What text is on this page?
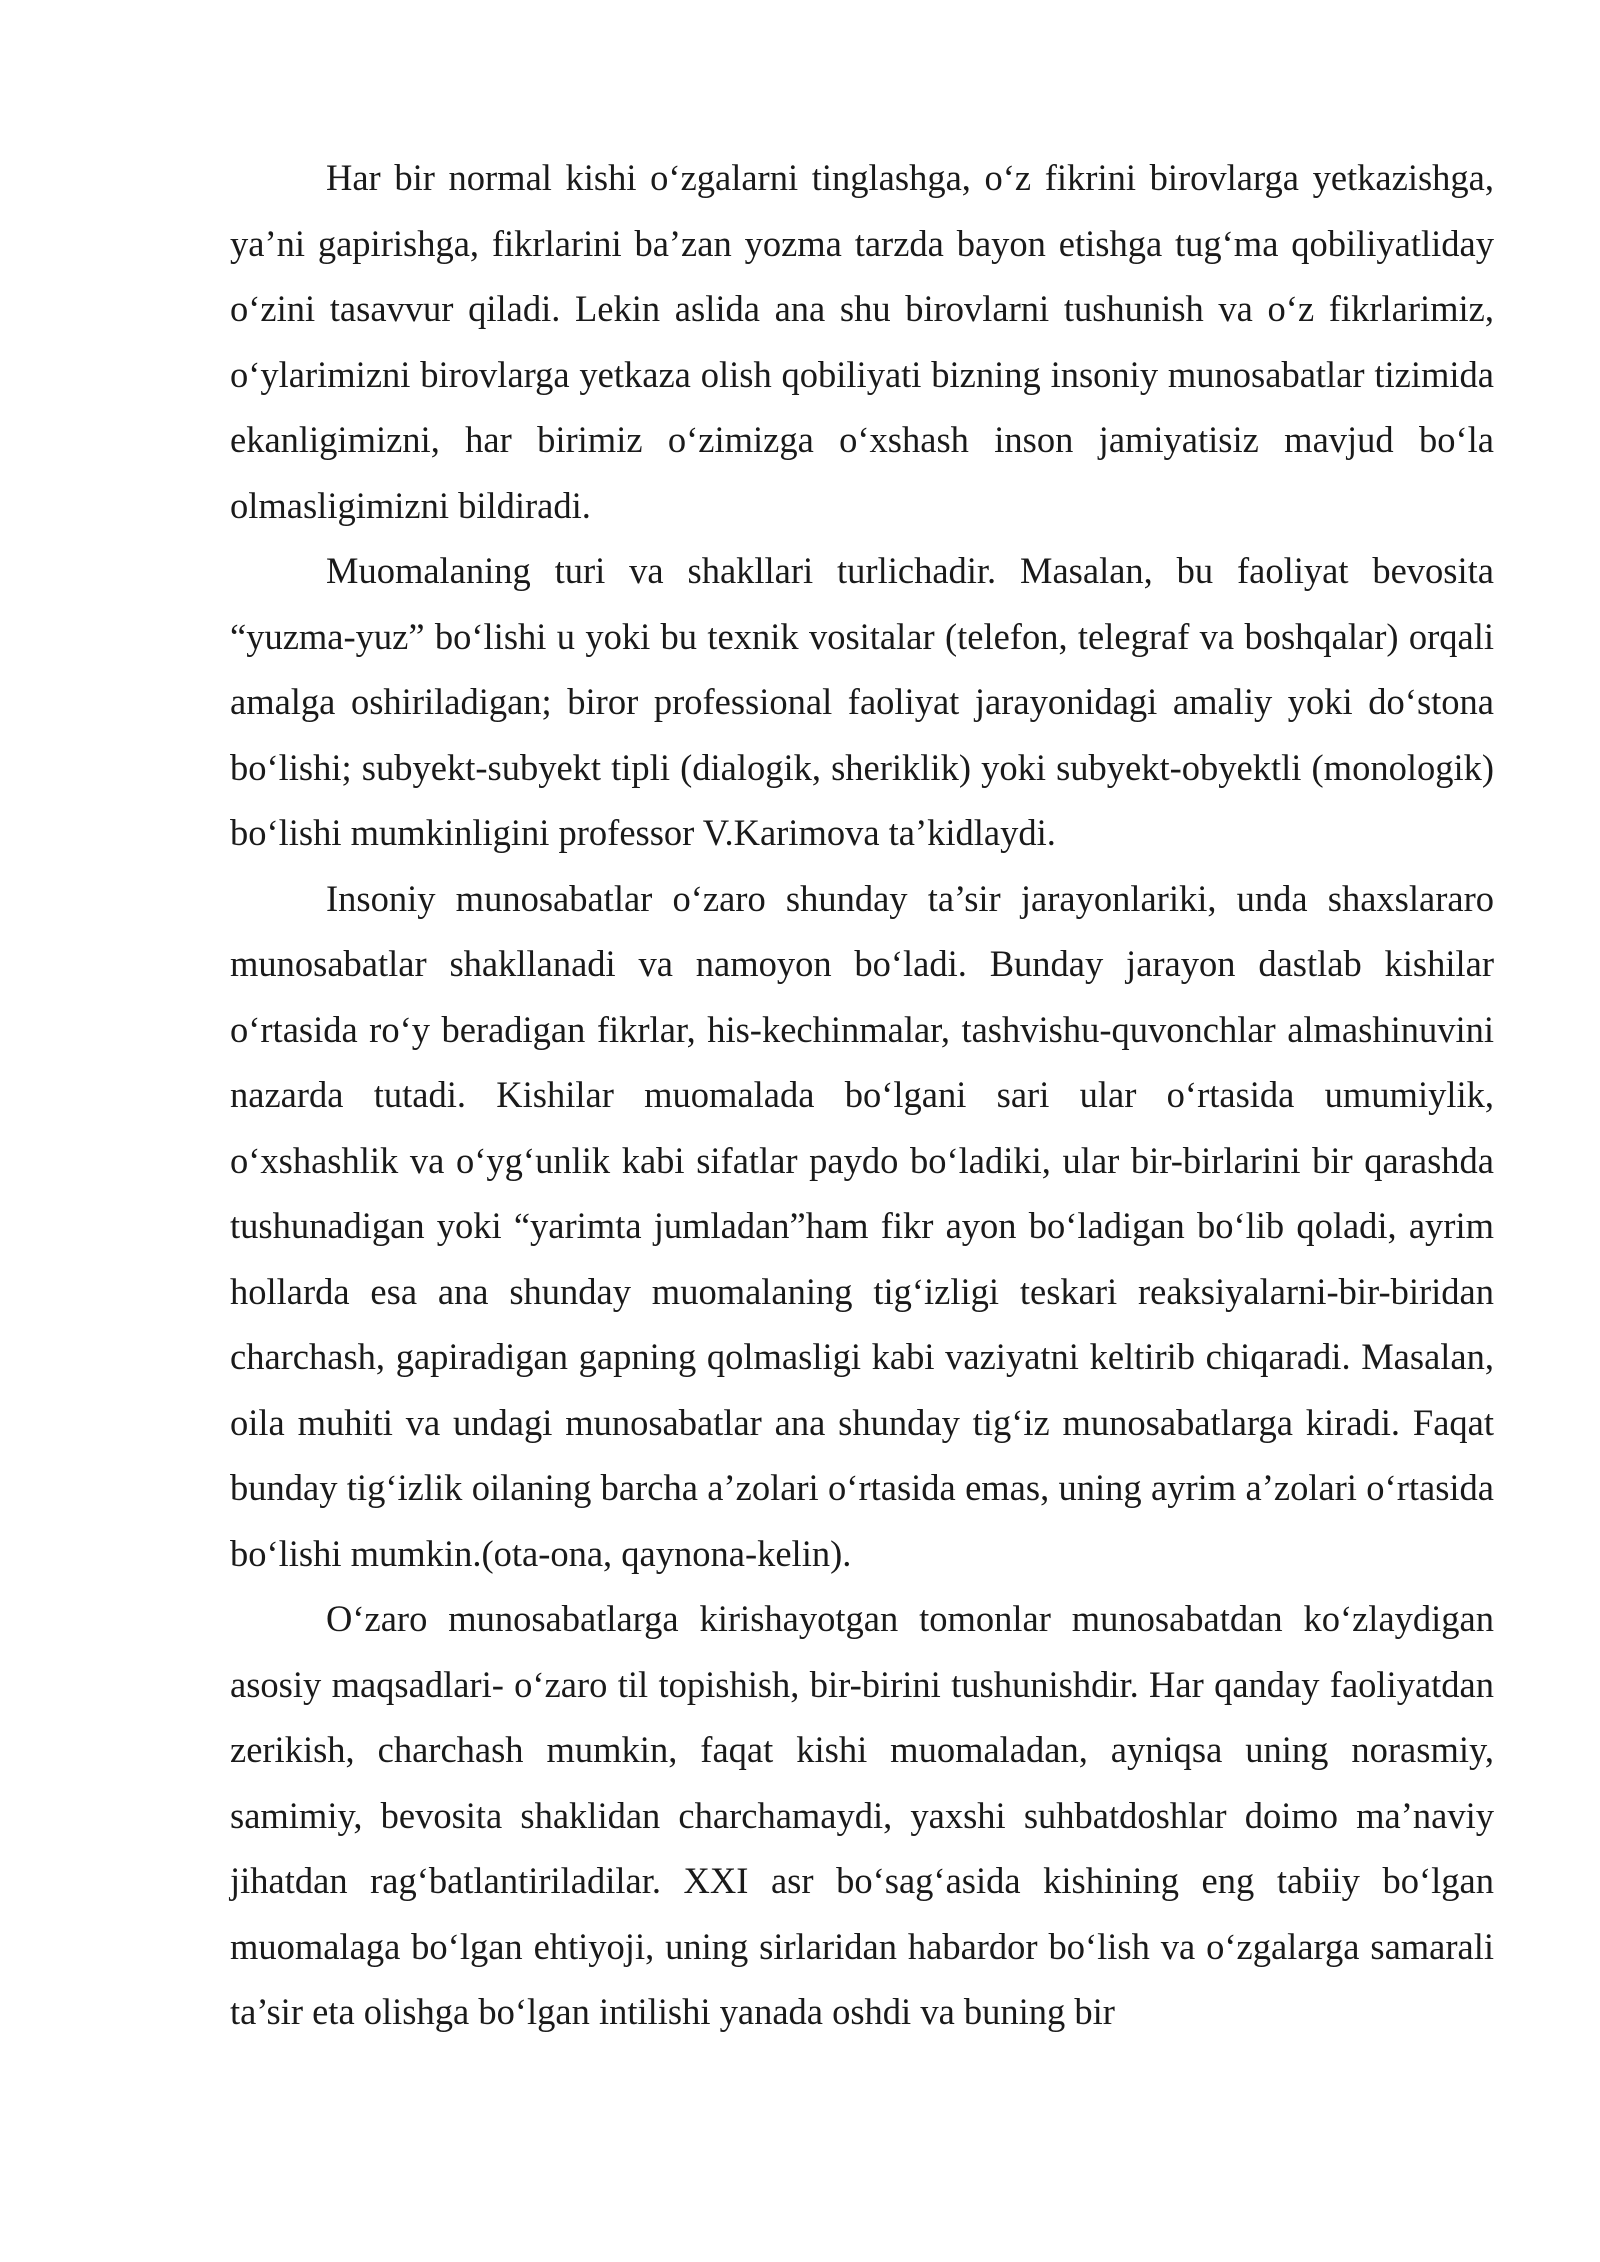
Har bir normal kishi o‘zgalarni tinglashga, o‘z fikrini birovlarga yetkazishga, ya’ni gapirishga, fikrlarini ba’zan yozma tarzda bayon etishga tug‘ma qobiliyatliday o‘zini tasavvur qiladi. Lekin aslida ana shu birovlarni tushunish va o‘z fikrlarimiz, o‘ylarimizni birovlarga yetkaza olish qobiliyati bizning insoniy munosabatlar tizimida ekanligimizni, har birimiz o‘zimizga o‘xshash inson jamiyatisiz mavjud bo‘la olmasligimizni bildiradi.

Muomalaning turi va shakllari turlichadir. Masalan, bu faoliyat bevosita “yuzma-yuz” bo‘lishi u yoki bu texnik vositalar (telefon, telegraf va boshqalar) orqali amalga oshiriladigan; biror professional faoliyat jarayonidagi amaliy yoki do‘stona bo‘lishi; subyekt-subyekt tipli (dialogik, sheriklik) yoki subyekt-obyektli (monologik) bo‘lishi mumkinligini professor V.Karimova ta’kidlaydi.

Insoniy munosabatlar o‘zaro shunday ta’sir jarayonlariki, unda shaxslararo munosabatlar shakllanadi va namoyon bo‘ladi. Bunday jarayon dastlab kishilar o‘rtasida ro‘y beradigan fikrlar, his-kechinmalar, tashvishu-quvonchlar almashinuvini nazarda tutadi. Kishilar muomalada bo‘lgani sari ular o‘rtasida umumiylik, o‘xshashlik va o‘yg‘unlik kabi sifatlar paydo bo‘ladiki, ular bir-birlarini bir qarashda tushunadigan yoki “yarimta jumladan”ham fikr ayon bo‘ladigan bo‘lib qoladi, ayrim hollarda esa ana shunday muomalaning tig‘izligi teskari reaksiyalarni-bir-biridan charchash, gapiradigan gapning qolmasligi kabi vaziyatni keltirib chiqaradi. Masalan, oila muhiti va undagi munosabatlar ana shunday tig‘iz munosabatlarga kiradi. Faqat bunday tig‘izlik oilaning barcha a’zolari o‘rtasida emas, uning ayrim a’zolari o‘rtasida bo‘lishi mumkin.(ota-ona, qaynona-kelin).

O‘zaro munosabatlarga kirishayotgan tomonlar munosabatdan ko‘zlaydigan asosiy maqsadlari- o‘zaro til topishish, bir-birini tushunishdir. Har qanday faoliyatdan zerikish, charchash mumkin, faqat kishi muomaladan, ayniqsa uning norasmiy, samimiy, bevosita shaklidan charchamaydi, yaxshi suhbatdoshlar doimo ma’naviy jihatdan rag‘batlantiriladilar. XXI asr bo‘sag‘asida kishining eng tabiiy bo‘lgan muomalaga bo‘lgan ehtiyoji, uning sirlaridan habardor bo‘lish va o‘zgalarga samarali ta’sir eta olishga bo‘lgan intilishi yanada oshdi va buning bir
